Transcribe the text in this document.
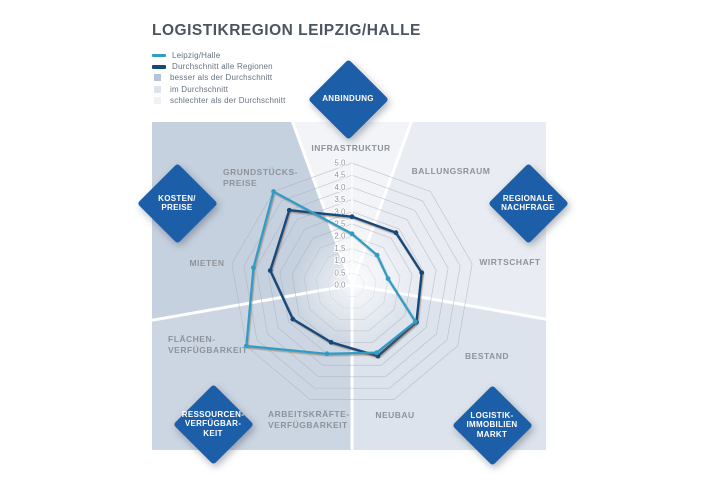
LOGISTIKREGION LEIPZIG/HALLE
Leipzig/Halle
Durchschnitt alle Regionen
besser als der Durchschnitt
im Durchschnitt
schlechter als der Durchschnitt
0,0
0,5
1,0
1,5
2,0
2,5
3,0
3,5
4,0
4,5
5,0
INFRASTRUKTUR
BALLUNGSRAUM
WIRTSCHAFT
BESTAND
NEUBAU
ARBEITSKRÄFTE-
VERFÜGBARKEIT
FLÄCHEN-
VERFÜGBARKEIT
MIETEN
GRUNDSTÜCKS-
PREISE
ANBINDUNG
REGIONALE
NACHFRAGE
LOGISTIK-
IMMOBILIEN
MARKT
RESSOURCEN-
VERFÜGBAR-
KEIT
KOSTEN/
PREISE
